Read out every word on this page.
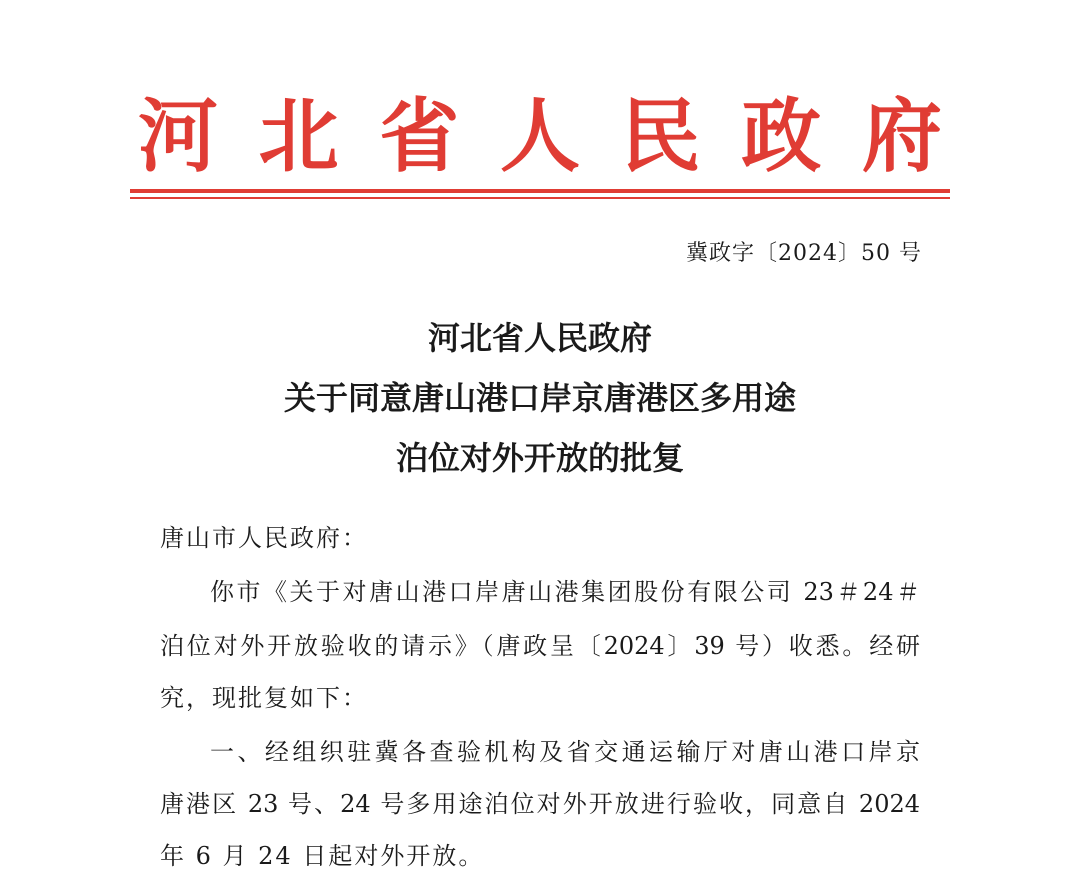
河 北 省 人 民 政 府
冀政字〔2024〕50 号
河北省人民政府
关于同意唐山港口岸京唐港区多用途
泊位对外开放的批复
唐山市人民政府：
你市《关于对唐山港口岸唐山港集团股份有限公司 23＃24＃
泊位对外开放验收的请示》（唐政呈〔2024〕39 号）收悉。经研
究，现批复如下：
一、经组织驻冀各查验机构及省交通运输厅对唐山港口岸京
唐港区 23 号、24 号多用途泊位对外开放进行验收，同意自 2024
年 6 月 24 日起对外开放。
